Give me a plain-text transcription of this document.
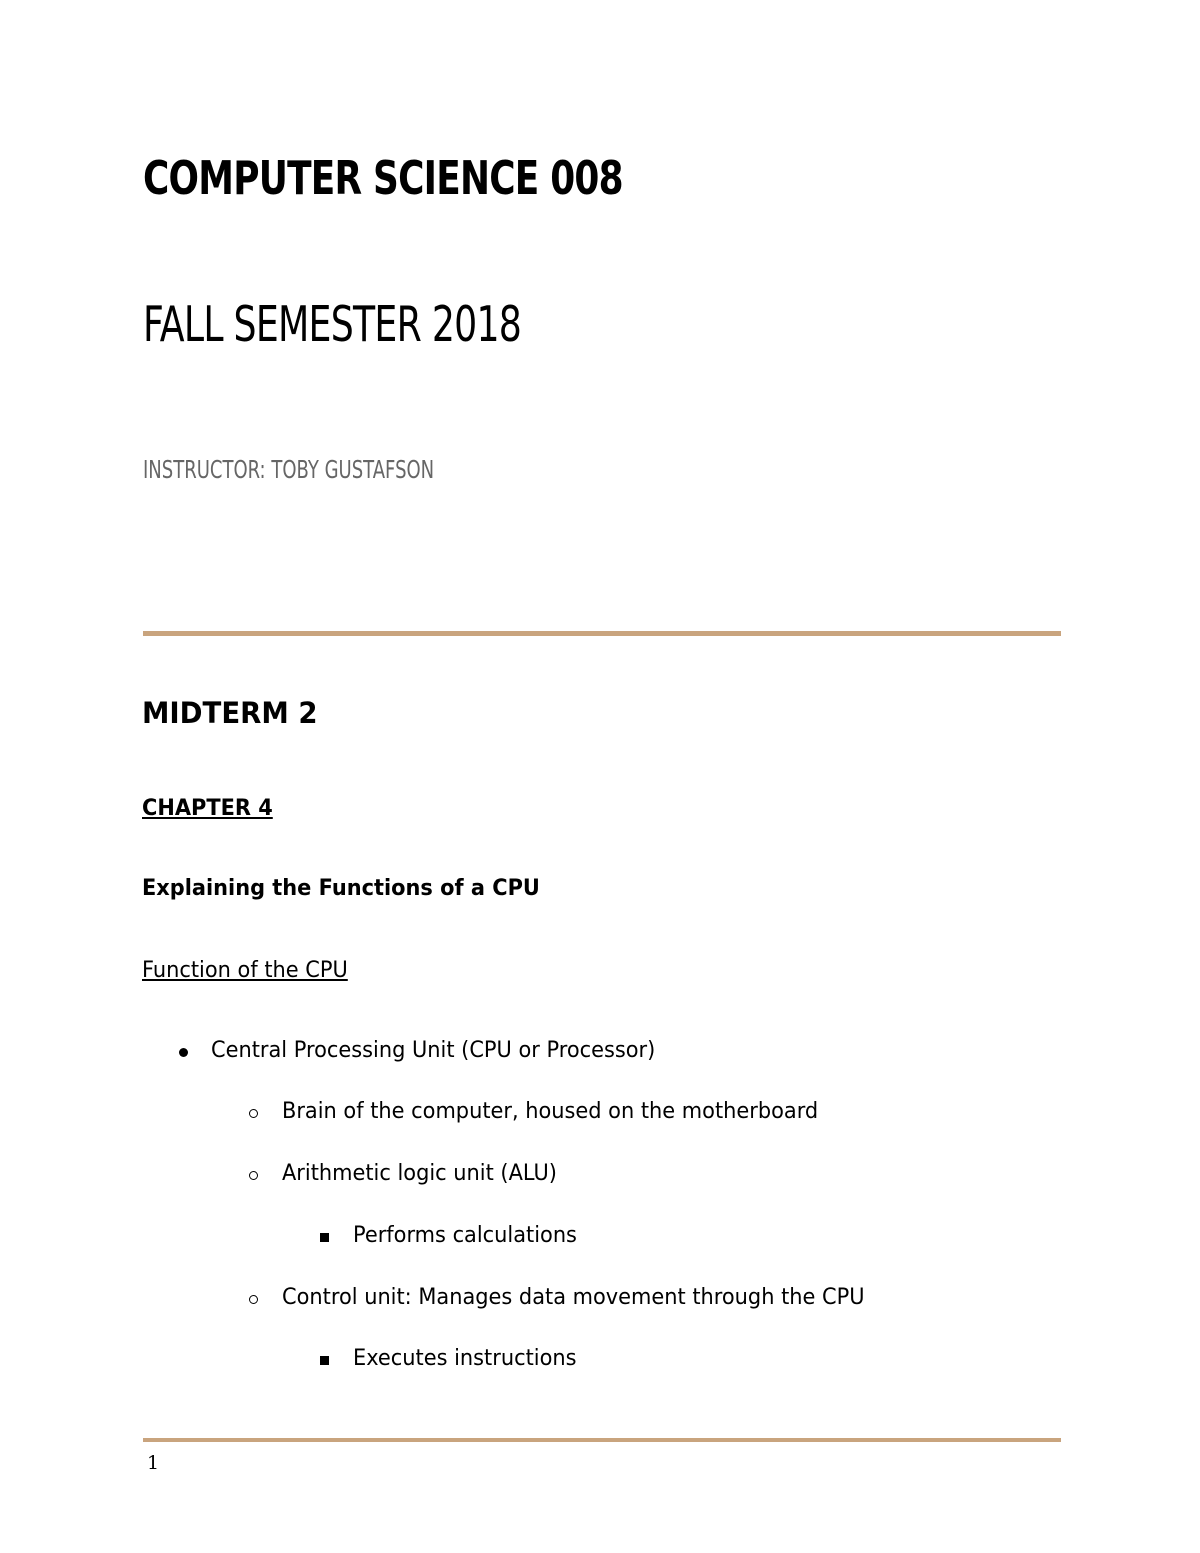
COMPUTER SCIENCE 008
FALL SEMESTER 2018

INSTRUCTOR: TOBY GUSTAFSON

MIDTERM 2
CHAPTER 4
Explaining the Functions of a CPU
Function of the CPU
Central Processing Unit (CPU or Processor)
Brain of the computer, housed on the motherboard
Arithmetic logic unit (ALU)
Performs calculations
Control unit: Manages data movement through the CPU
Executes instructions

1
